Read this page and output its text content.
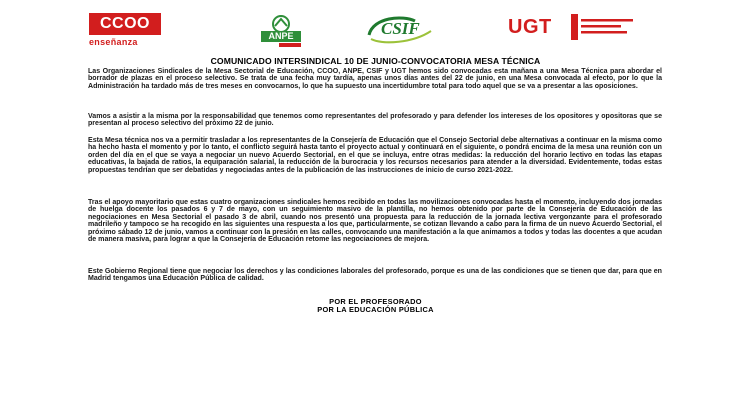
CCOO
enseñanza
ANPE	CSIF	UGT
COMUNICADO INTERSINDICAL 10 DE JUNIO-CONVOCATORIA MESA TÉCNICA
Las Organizaciones Sindicales de la Mesa Sectorial de Educación, CCOO, ANPE, CSIF y UGT hemos sido convocadas esta mañana a una Mesa Técnica para abordar el borrador de plazas en el proceso selectivo. Se trata de una fecha muy tardía, apenas unos días antes del 22 de junio, en una Mesa convocada al efecto, por lo que la Administración ha tardado más de tres meses en convocarnos, lo que ha supuesto una incertidumbre total para todo aquel que se va a presentar a las oposiciones.
Vamos a asistir a la misma por la responsabilidad que tenemos como representantes del profesorado y para defender los intereses de los opositores y opositoras que se presentan al proceso selectivo del próximo 22 de junio.
Esta Mesa técnica nos va a permitir trasladar a los representantes de la Consejería de Educación que el Consejo Sectorial debe alternativas a continuar en la misma como ha hecho hasta el momento y por lo tanto, el conflicto seguirá hasta tanto el proyecto actual y continuará en el siguiente, o pondrá encima de la mesa una reunión con un orden del día en el que se vaya a negociar un nuevo Acuerdo Sectorial, en el que se incluya, entre otras medidas: la reducción del horario lectivo en todas las etapas educativas, la bajada de ratios, la equiparación salarial, la reducción de la burocracia y los recursos necesarios para atender a la diversidad. Evidentemente, todas estas propuestas tendrían que ser debatidas y negociadas antes de la publicación de las instrucciones de inicio de curso 2021-2022.
Tras el apoyo mayoritario que estas cuatro organizaciones sindicales hemos recibido en todas las movilizaciones convocadas hasta el momento, incluyendo dos jornadas de huelga docente los pasados 6 y 7 de mayo, con un seguimiento masivo de la plantilla, no hemos obtenido por parte de la Consejería de Educación de las negociaciones en Mesa Sectorial el pasado 3 de abril, cuando nos presentó una propuesta para la reducción de la jornada lectiva vergonzante para el profesorado madrileño y tampoco se ha recogido en las siguientes una respuesta a los que, particularmente, se cotizan llevando a cabo para la firma de un nuevo Acuerdo Sectorial, el próximo sábado 12 de junio, vamos a continuar con la presión en las calles, convocando una manifestación a la que animamos a todos y todas las docentes a que acudan de manera masiva, para lograr a que la Consejería de Educación retome las negociaciones de mejora.
Este Gobierno Regional tiene que negociar los derechos y las condiciones laborales del profesorado, porque es una de las condiciones que se tienen que dar, para que en Madrid tengamos una Educación Pública de calidad.
POR EL PROFESORADO
POR LA EDUCACIÓN PÚBLICA
